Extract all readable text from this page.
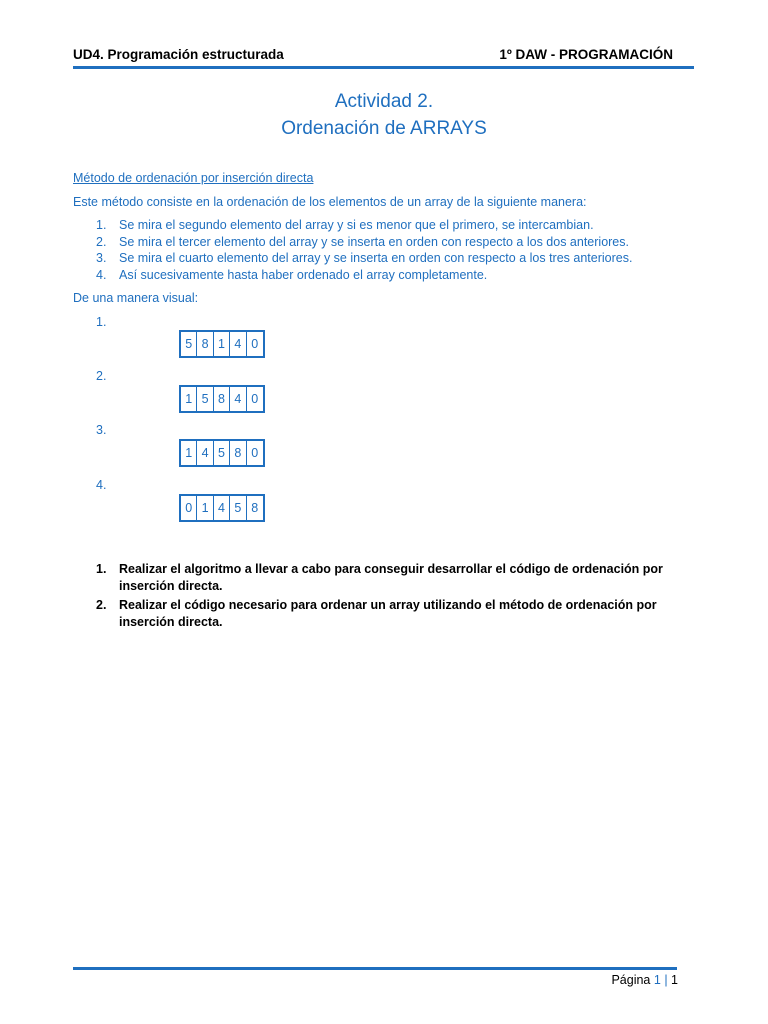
UD4. Programación estructurada	1º DAW - PROGRAMACIÓN
Actividad 2.
Ordenación de ARRAYS
Método de ordenación por inserción directa
Este método consiste en la ordenación de los elementos de un array de la siguiente manera:
1. Se mira el segundo elemento del array y si es menor que el primero, se intercambian.
2. Se mira el tercer elemento del array y se inserta en orden con respecto a los dos anteriores.
3. Se mira el cuarto elemento del array y se inserta en orden con respecto a los tres anteriores.
4. Así sucesivamente hasta haber ordenado el array completamente.
De una manera visual:
1.
5 8 1 4 0
2.
1 5 8 4 0
3.
1 4 5 8 0
4.
0 1 4 5 8
1.	Realizar el algoritmo a llevar a cabo para conseguir desarrollar el código de ordenación por inserción directa.
2.	Realizar el código necesario para ordenar un array utilizando el método de ordenación por inserción directa.
Página 1 | 1
